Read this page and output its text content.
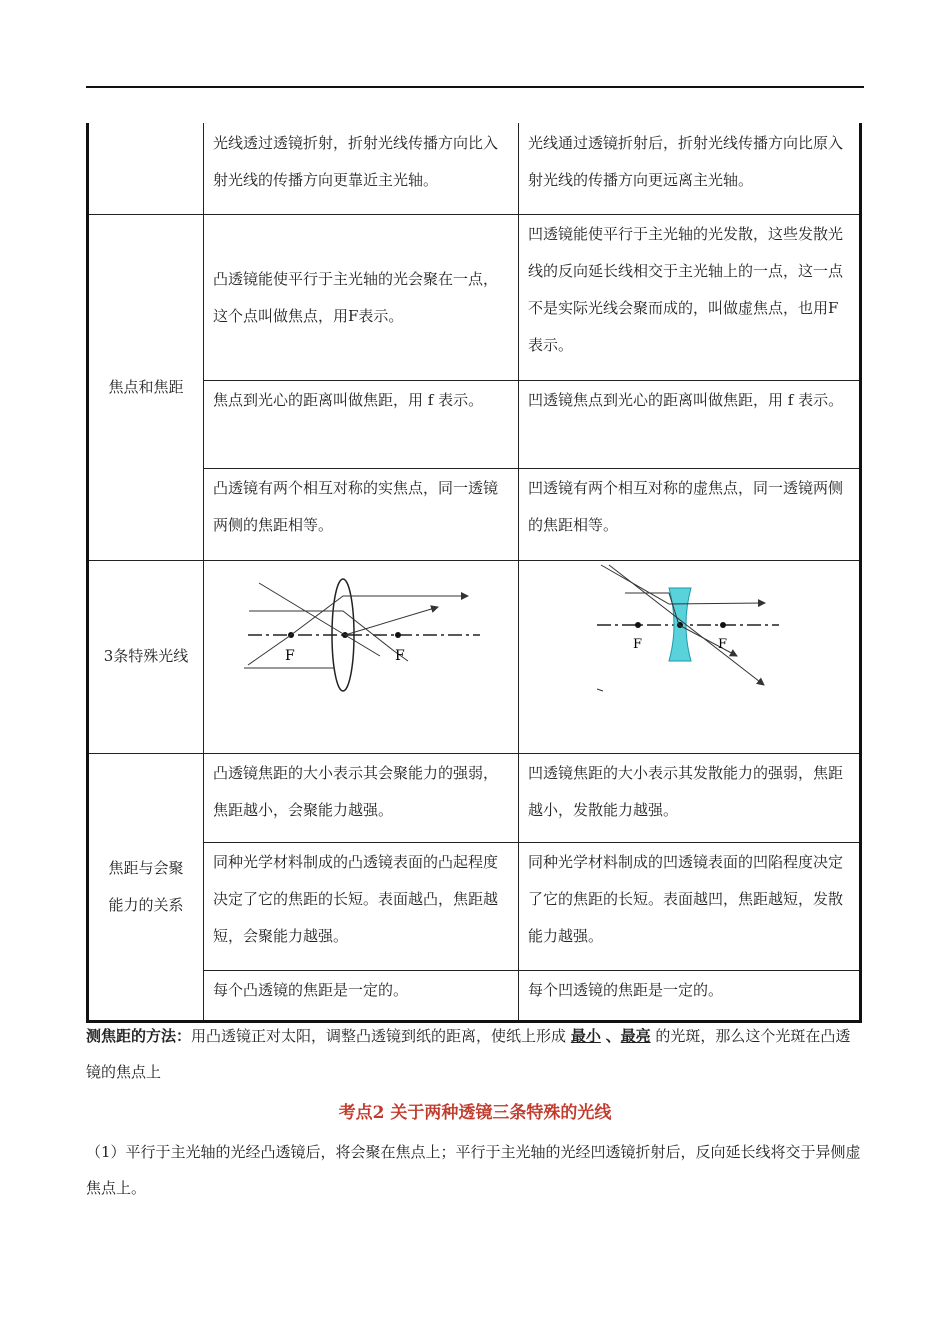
	光线透过透镜折射，折射光线传播方向比入射光线的传播方向更靠近主光轴。	光线通过透镜折射后，折射光线传播方向比原入射光线的传播方向更远离主光轴。
焦点和焦距	凸透镜能使平行于主光轴的光会聚在一点，这个点叫做焦点，用F表示。	凹透镜能使平行于主光轴的光发散，这些发散光线的反向延长线相交于主光轴上的一点，这一点不是实际光线会聚而成的，叫做虚焦点，也用F表示。
	焦点到光心的距离叫做焦距，用 f 表示。	凹透镜焦点到光心的距离叫做焦距，用 f 表示。
	凸透镜有两个相互对称的实焦点，同一透镜两侧的焦距相等。	凹透镜有两个相互对称的虚焦点，同一透镜两侧的焦距相等。
3条特殊光线	F F	F F

焦距与会聚能力的关系	凸透镜焦距的大小表示其会聚能力的强弱，焦距越小，会聚能力越强。	凹透镜焦距的大小表示其发散能力的强弱，焦距越小，发散能力越强。
	同种光学材料制成的凸透镜表面的凸起程度决定了它的焦距的长短。表面越凸，焦距越短，会聚能力越强。	同种光学材料制成的凹透镜表面的凹陷程度决定了它的焦距的长短。表面越凹，焦距越短，发散能力越强。
	每个凸透镜的焦距是一定的。	每个凹透镜的焦距是一定的。
测焦距的方法：用凸透镜正对太阳，调整凸透镜到纸的距离，使纸上形成 最小 、最亮 的光斑，那么这个光斑在凸透镜的焦点上
考点2 关于两种透镜三条特殊的光线
（1）平行于主光轴的光经凸透镜后，将会聚在焦点上；平行于主光轴的光经凹透镜折射后，反向延长线将交于异侧虚焦点上。
